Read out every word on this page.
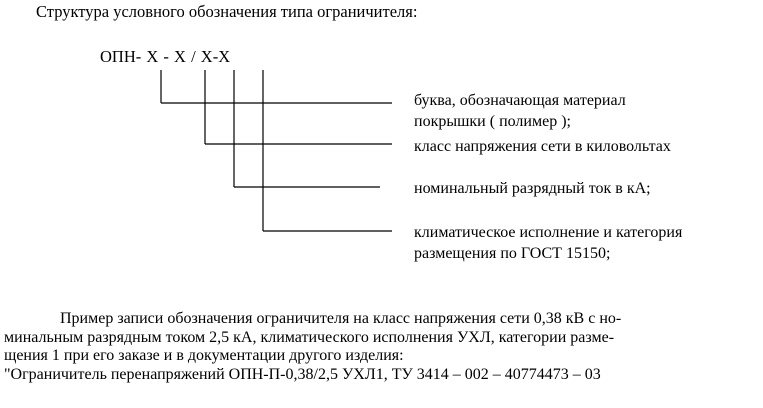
Структура условного обозначения типа ограничителя:
ОПН- X - X / X-X
буква, обозначающая материал
покрышки ( полимер );
класс напряжения сети в киловольтах
номинальный разрядный ток в кА;
климатическое исполнение и категория
размещения по ГОСТ 15150;
Пример записи обозначения ограничителя на класс напряжения сети 0,38 кВ с но-
минальным разрядным током 2,5 кА, климатического исполнения УХЛ, категории разме-
щения 1 при его заказе и в документации другого изделия:
"Ограничитель перенапряжений ОПН-П-0,38/2,5 УХЛ1, ТУ 3414 – 002 – 40774473 – 03
